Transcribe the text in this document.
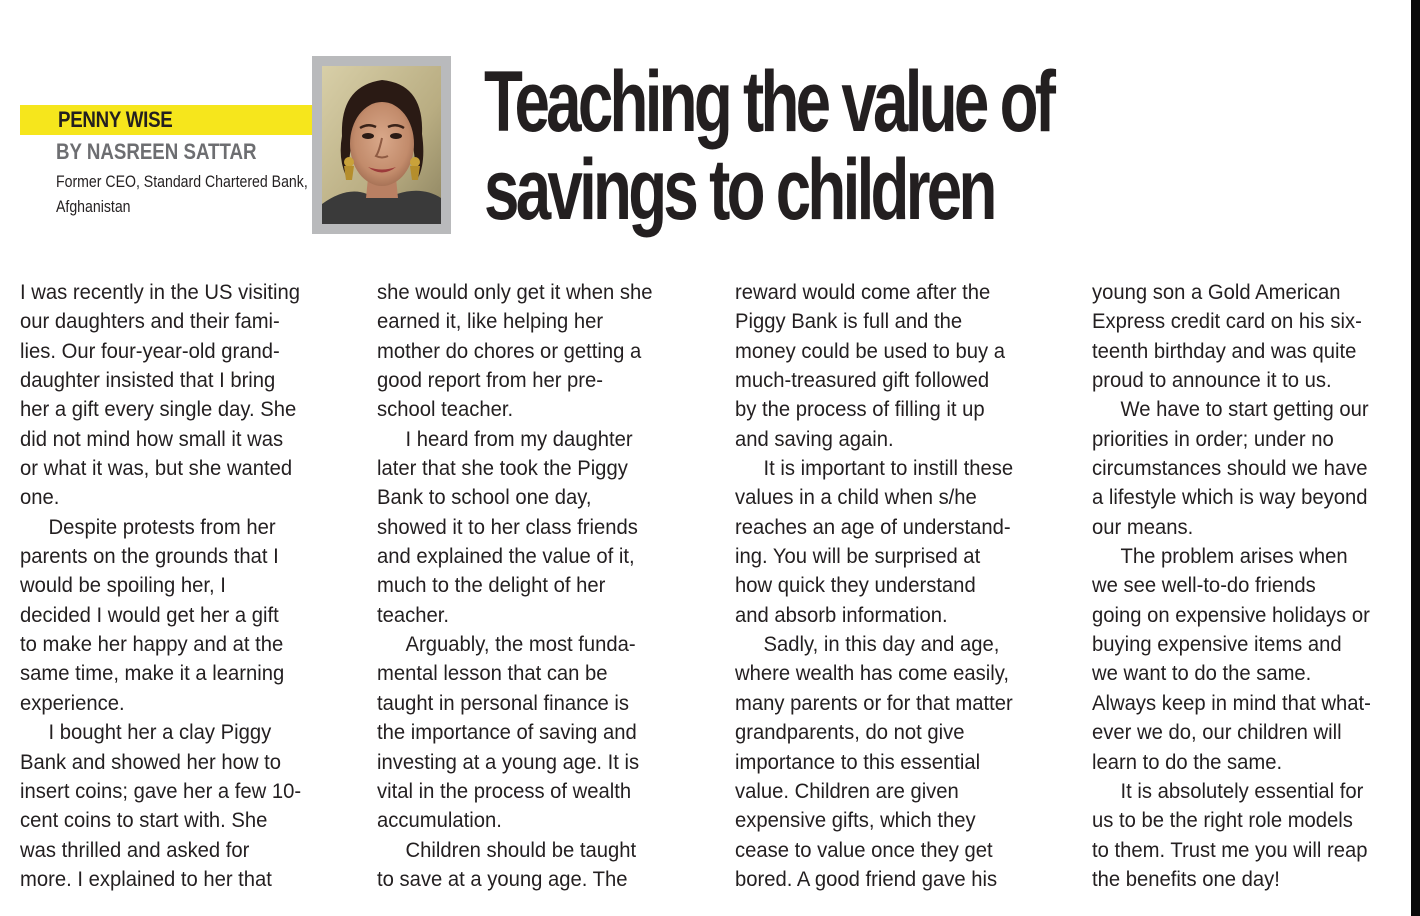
PENNY WISE
BY NASREEN SATTAR
Former CEO, Standard Chartered Bank,
Afghanistan
Teaching the value of
savings to children
I was recently in the US visiting
our daughters and their fami-
lies. Our four-year-old grand-
daughter insisted that I bring
her a gift every single day. She
did not mind how small it was
or what it was, but she wanted
one.
Despite protests from her
parents on the grounds that I
would be spoiling her, I
decided I would get her a gift
to make her happy and at the
same time, make it a learning
experience.
I bought her a clay Piggy
Bank and showed her how to
insert coins; gave her a few 10-
cent coins to start with. She
was thrilled and asked for
more. I explained to her that
she would only get it when she
earned it, like helping her
mother do chores or getting a
good report from her pre-
school teacher.
I heard from my daughter
later that she took the Piggy
Bank to school one day,
showed it to her class friends
and explained the value of it,
much to the delight of her
teacher.
Arguably, the most funda-
mental lesson that can be
taught in personal finance is
the importance of saving and
investing at a young age. It is
vital in the process of wealth
accumulation.
Children should be taught
to save at a young age. The
reward would come after the
Piggy Bank is full and the
money could be used to buy a
much-treasured gift followed
by the process of filling it up
and saving again.
It is important to instill these
values in a child when s/he
reaches an age of understand-
ing. You will be surprised at
how quick they understand
and absorb information.
Sadly, in this day and age,
where wealth has come easily,
many parents or for that matter
grandparents, do not give
importance to this essential
value. Children are given
expensive gifts, which they
cease to value once they get
bored. A good friend gave his
young son a Gold American
Express credit card on his six-
teenth birthday and was quite
proud to announce it to us.
We have to start getting our
priorities in order; under no
circumstances should we have
a lifestyle which is way beyond
our means.
The problem arises when
we see well-to-do friends
going on expensive holidays or
buying expensive items and
we want to do the same.
Always keep in mind that what-
ever we do, our children will
learn to do the same.
It is absolutely essential for
us to be the right role models
to them. Trust me you will reap
the benefits one day!
